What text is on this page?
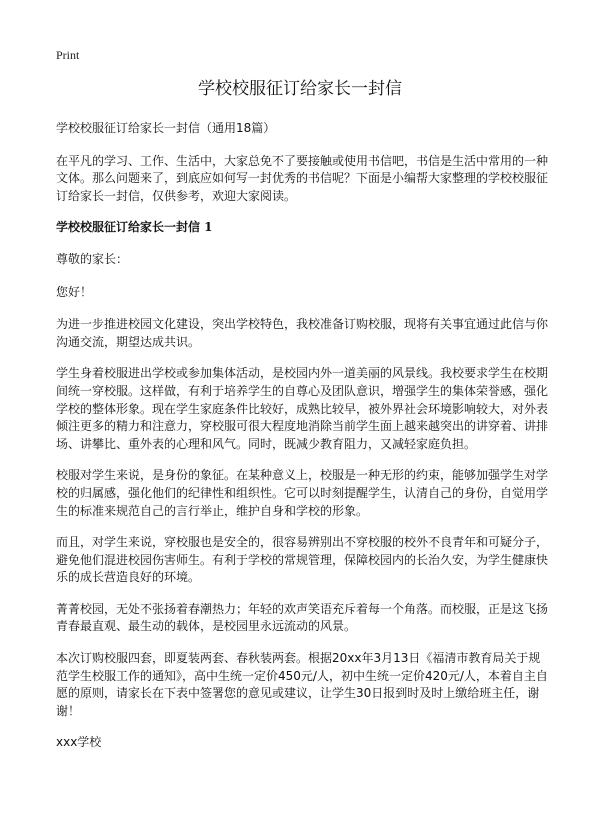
Print
学校校服征订给家长一封信

学校校服征订给家长一封信（通用18篇）

在平凡的学习、工作、生活中，大家总免不了要接触或使用书信吧，书信是生活中常用的一种文体。那么问题来了，到底应如何写一封优秀的书信呢？下面是小编帮大家整理的学校校服征订给家长一封信，仅供参考，欢迎大家阅读。

学校校服征订给家长一封信 1

尊敬的家长：

您好！

为进一步推进校园文化建设，突出学校特色，我校准备订购校服，现将有关事宜通过此信与你沟通交流，期望达成共识。

学生身着校服进出学校或参加集体活动，是校园内外一道美丽的风景线。我校要求学生在校期间统一穿校服。这样做，有利于培养学生的自尊心及团队意识，增强学生的集体荣誉感，强化学校的整体形象。现在学生家庭条件比较好，成熟比较早，被外界社会环境影响较大，对外表倾注更多的精力和注意力，穿校服可很大程度地消除当前学生面上越来越突出的讲穿着、讲排场、讲攀比、重外表的心理和风气。同时，既减少教育阻力，又减轻家庭负担。

校服对学生来说，是身份的象征。在某种意义上，校服是一种无形的约束，能够加强学生对学校的归属感，强化他们的纪律性和组织性。它可以时刻提醒学生，认清自己的身份，自觉用学生的标准来规范自己的言行举止，维护自身和学校的形象。

而且，对学生来说，穿校服也是安全的，很容易辨别出不穿校服的校外不良青年和可疑分子，避免他们混进校园伤害师生。有利于学校的常规管理，保障校园内的长治久安，为学生健康快乐的成长营造良好的环境。

菁菁校园，无处不张扬着春潮热力；年轻的欢声笑语充斥着每一个角落。而校服，正是这飞扬青春最直观、最生动的载体，是校园里永远流动的风景。

本次订购校服四套，即夏装两套、春秋装两套。根据20xx年3月13日《福清市教育局关于规范学生校服工作的通知》，高中生统一定价450元/人，初中生统一定价420元/人，本着自主自愿的原则，请家长在下表中签署您的意见或建议，让学生30日报到时及时上缴给班主任，谢谢！

xxx学校
